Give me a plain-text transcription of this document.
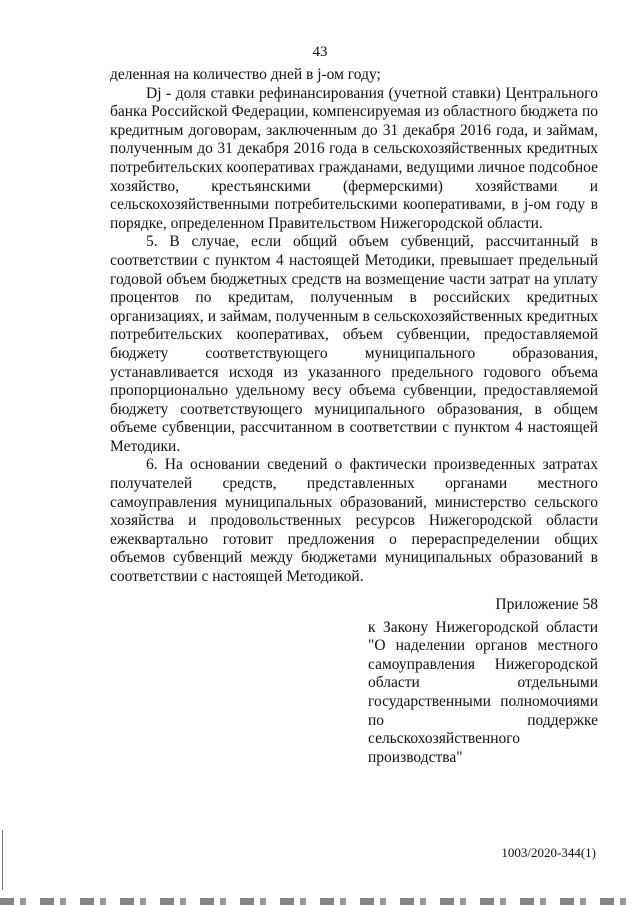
43

деленная на количество дней в j-ом году;

Dj - доля ставки рефинансирования (учетной ставки) Центрального банка Российской Федерации, компенсируемая из областного бюджета по кредитным договорам, заключенным до 31 декабря 2016 года, и займам, полученным до 31 декабря 2016 года в сельскохозяйственных кредитных потребительских кооперативах гражданами, ведущими личное подсобное хозяйство, крестьянскими (фермерскими) хозяйствами и сельскохозяйственными потребительскими кооперативами, в j-ом году в порядке, определенном Правительством Нижегородской области.

5. В случае, если общий объем субвенций, рассчитанный в соответствии с пунктом 4 настоящей Методики, превышает предельный годовой объем бюджетных средств на возмещение части затрат на уплату процентов по кредитам, полученным в российских кредитных организациях, и займам, полученным в сельскохозяйственных кредитных потребительских кооперативах, объем субвенции, предоставляемой бюджету соответствующего муниципального образования, устанавливается исходя из указанного предельного годового объема пропорционально удельному весу объема субвенции, предоставляемой бюджету соответствующего муниципального образования, в общем объеме субвенции, рассчитанном в соответствии с пунктом 4 настоящей Методики.

6. На основании сведений о фактически произведенных затратах получателей средств, представленных органами местного самоуправления муниципальных образований, министерство сельского хозяйства и продовольственных ресурсов Нижегородской области ежеквартально готовит предложения о перераспределении общих объемов субвенций между бюджетами муниципальных образований в соответствии с настоящей Методикой.

Приложение 58
к Закону Нижегородской области "О наделении органов местного самоуправления Нижегородской области отдельными государственными полномочиями по поддержке сельскохозяйственного производства"
1003/2020-344(1)
